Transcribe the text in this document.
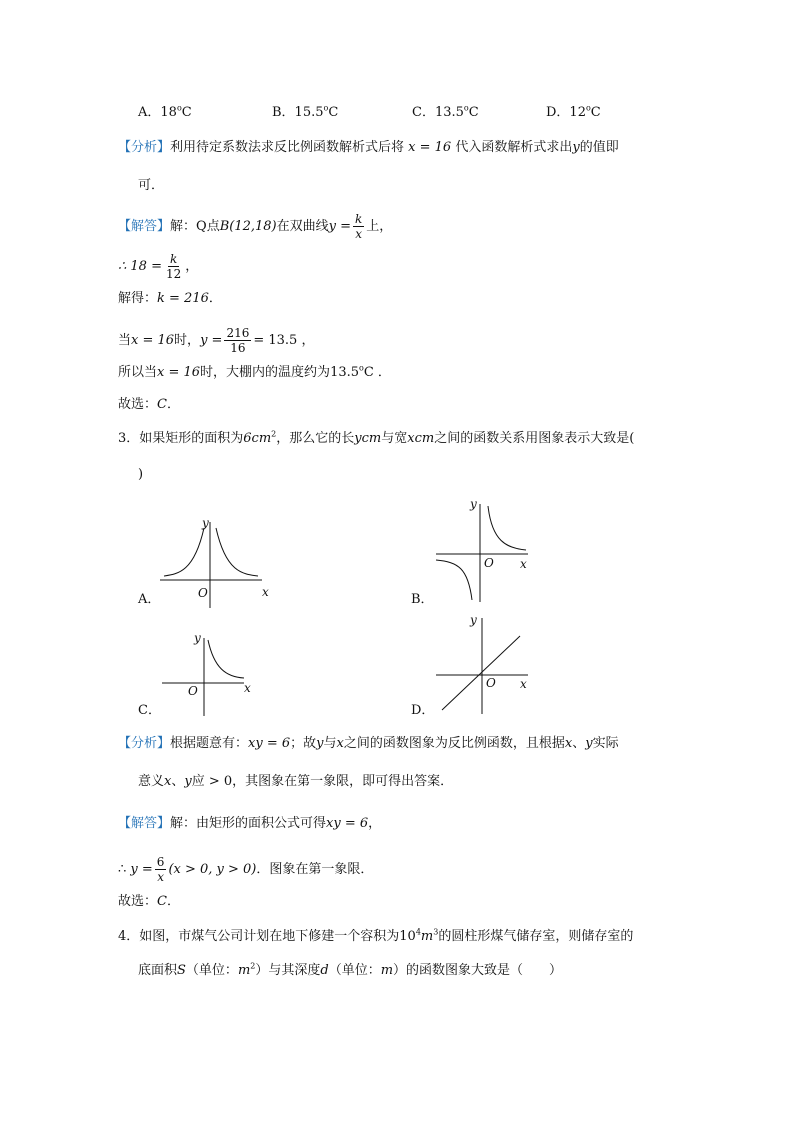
A．18$^o$C	B．15.5$^o$C	C．13.5$^o$C	D．12$^o$C
【分析】利用待定系数法求反比例函数解析式后将 x = 16 代入函数解析式求出y的值即
可．
【解答】解：Q点B(12,18)在双曲线$y = \frac{k}{x}$ 上，
∴ $18 = \frac{k}{12}$ ，
解得：k = 216．
当x = 16时，$y = \frac{216}{16} = 13.5$ ，
所以当x = 16时，大棚内的温度约为13.5$^o$C ．
故选：C．
3．如果矩形的面积为$6cm^2$，那么它的长ycm与宽xcm之间的函数关系用图象表示大致是(
)
y
x
O
A．
y
x
O
B．
y
x
O
C．
y
x
O
D．
【分析】根据题意有：xy = 6；故y与x之间的函数图象为反比例函数，且根据x、y实际
意义x、y应 > 0，其图象在第一象限，即可得出答案．
【解答】解：由矩形的面积公式可得xy = 6，
∴ $y = \frac{6}{x} (x > 0$, y > 0)．图象在第一象限．
故选：C．
4．如图，市煤气公司计划在地下修建一个容积为$10^4m^3$的圆柱形煤气储存室，则储存室的
底面积S（单位：$m^2$）与其深度d（单位：m）的函数图象大致是（　　）
